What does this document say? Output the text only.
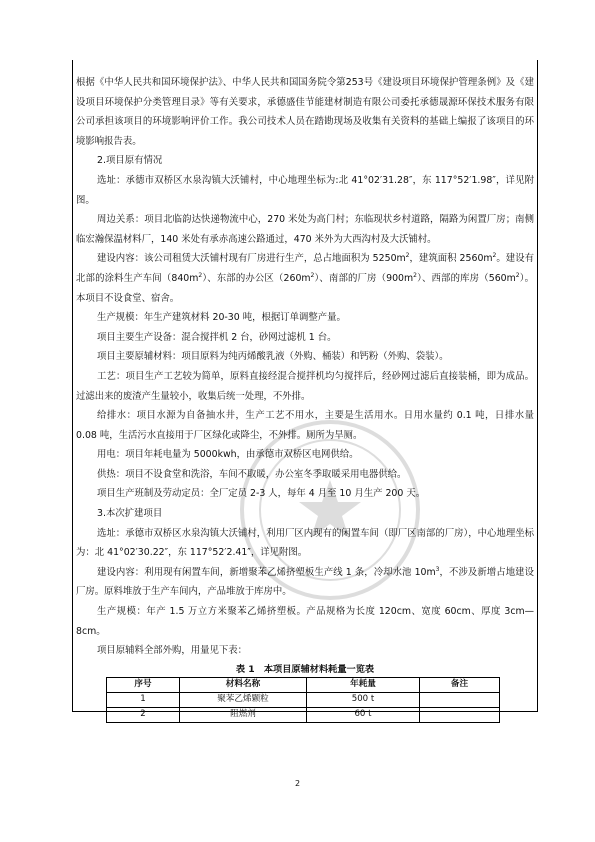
根据《中华人民共和国环境保护法》、中华人民共和国国务院令第253号《建设项目环境保护管理条例》及《建设项目环境保护分类管理目录》等有关要求，承德盛佳节能建材制造有限公司委托承德晟源环保技术服务有限公司承担该项目的环境影响评价工作。我公司技术人员在踏勘现场及收集有关资料的基础上编报了该项目的环境影响报告表。

2.项目原有情况

选址：承德市双桥区水泉沟镇大沃铺村，中心地理坐标为:北 41°02′31.28″，东 117°52′1.98″，详见附图。

周边关系：项目北临韵达快递物流中心，270 米处为高门村；东临现状乡村道路，隔路为闲置厂房；南侧临宏瀚保温材料厂，140 米处有承赤高速公路通过，470 米外为大西沟村及大沃铺村。

建设内容：该公司租赁大沃铺村现有厂房进行生产，总占地面积为 $5250m^2$，建筑面积 $2560m^2$。建设有北部的涂料生产车间$(840m^2)$、东部的办公区$(260m^2)$、南部的厂房$(900m^2)$、西部的库房$(560m^2)$。本项目不设食堂、宿舍。

生产规模：年生产建筑材料 20-30 吨，根据订单调整产量。

项目主要生产设备：混合搅拌机 2 台，砂网过滤机 1 台。

项目主要原辅材料：项目原料为纯丙烯酸乳液（外购、桶装）和钙粉（外购、袋装）。

工艺：项目生产工艺较为简单，原料直接经混合搅拌机均匀搅拌后，经砂网过滤后直接装桶，即为成品。过滤出来的废渣产生量较小，收集后统一处理，不外排。

给排水：项目水源为自备抽水井，生产工艺不用水，主要是生活用水。日用水量约 0.1 吨，日排水量 0.08 吨，生活污水直接用于厂区绿化或降尘，不外排。厕所为旱厕。

用电：项目年耗电量为 5000kwh，由承德市双桥区电网供给。

供热：项目不设食堂和洗浴，车间不取暖，办公室冬季取暖采用电器供给。

项目生产班制及劳动定员：全厂定员 2-3 人，每年 4 月至 10 月生产 200 天。

3.本次扩建项目

选址：承德市双桥区水泉沟镇大沃铺村，利用厂区内现有的闲置车间（即厂区南部的厂房），中心地理坐标为：北 41°02′30.22″，东 117°52′2.41″，详见附图。

建设内容：利用现有闲置车间，新增聚苯乙烯挤塑板生产线 1 条，冷却水池 $10m^3$，不涉及新增占地建设厂房。原料堆放于生产车间内，产品堆放于库房中。

生产规模：年产 1.5 万立方米聚苯乙烯挤塑板。产品规格为长度 120cm、宽度 60cm、厚度 3cm—8cm。

项目原辅料全部外购，用量见下表：

表 1　本项目原辅材料耗量一览表
序号	材料名称	年耗量	备注
1	聚苯乙烯颗粒	500 t	
2	阻燃剂	60 t	
2
